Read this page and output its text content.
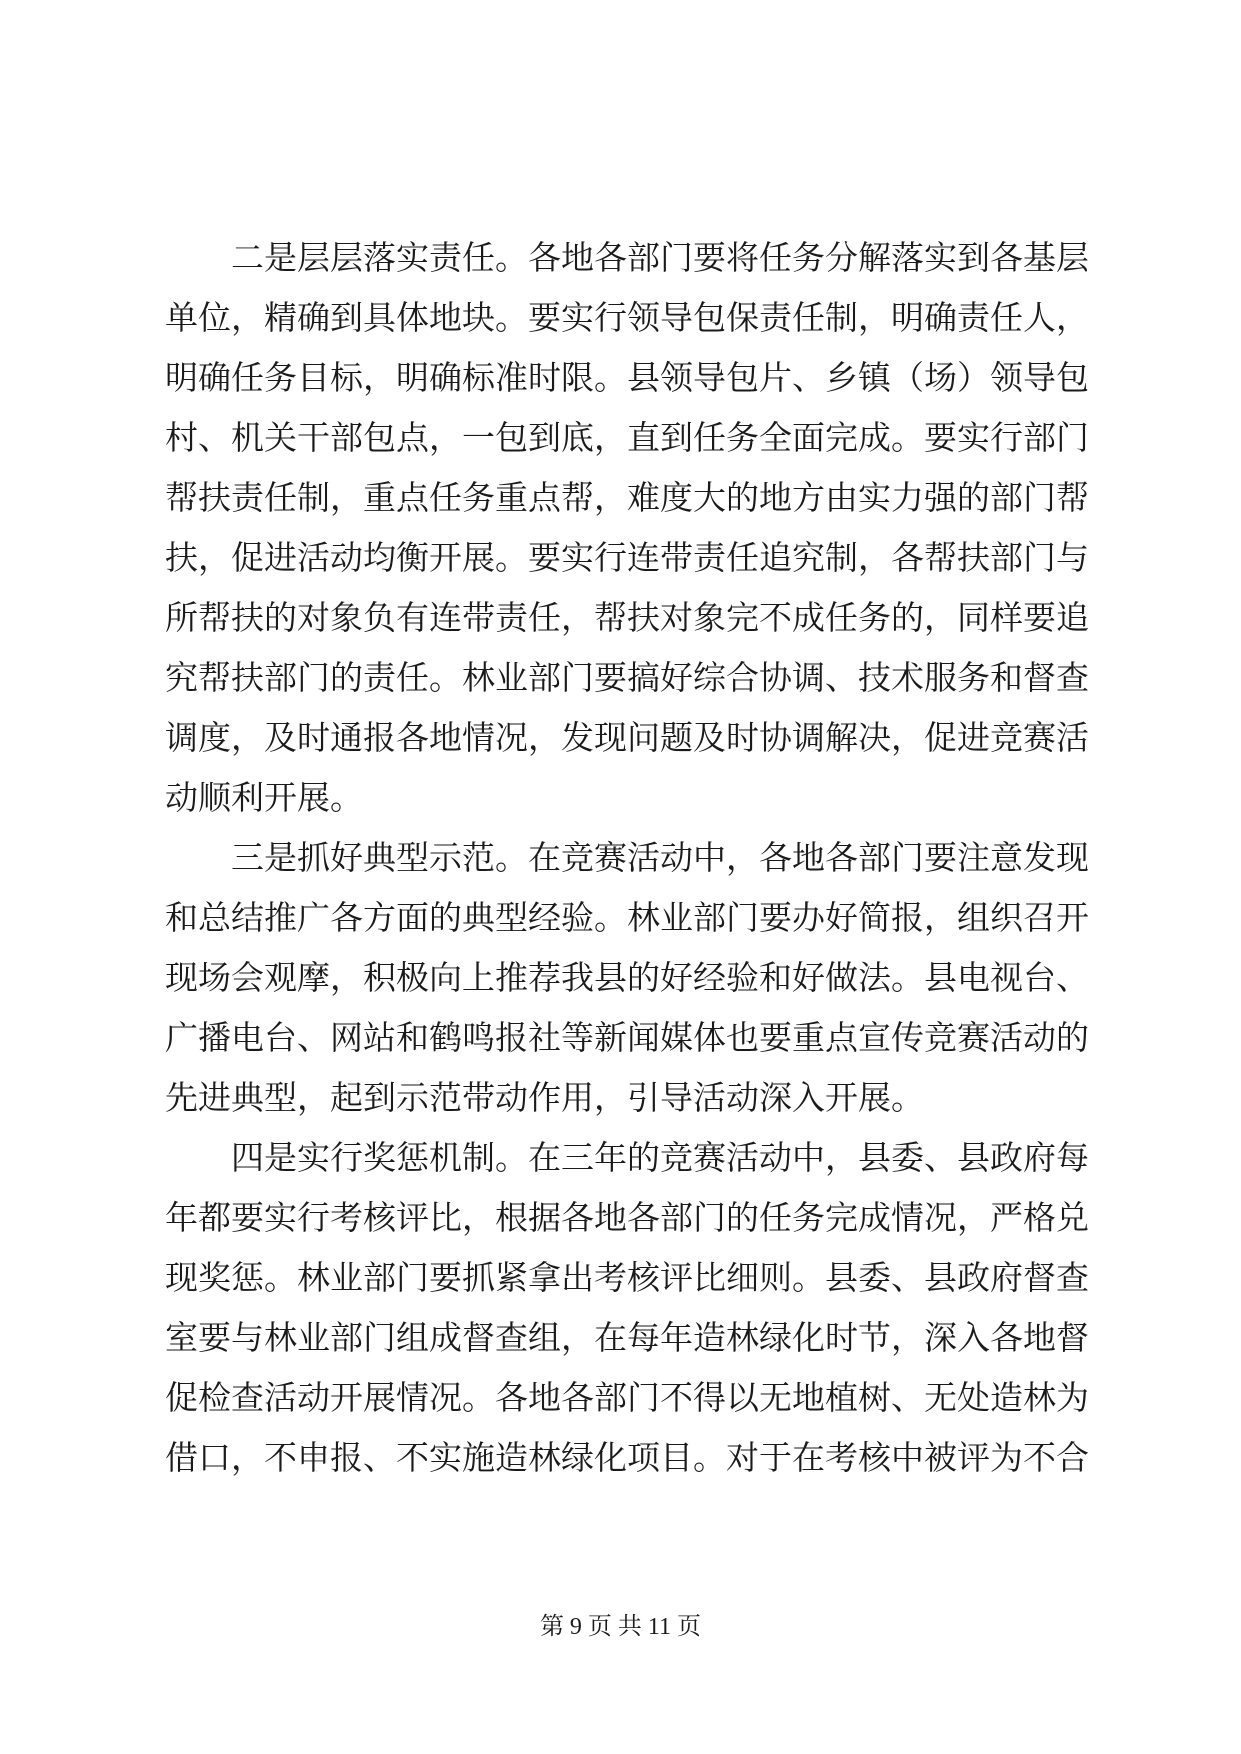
二是层层落实责任。各地各部门要将任务分解落实到各基层
单位，精确到具体地块。要实行领导包保责任制，明确责任人，
明确任务目标，明确标准时限。县领导包片、乡镇（场）领导包
村、机关干部包点，一包到底，直到任务全面完成。要实行部门
帮扶责任制，重点任务重点帮，难度大的地方由实力强的部门帮
扶，促进活动均衡开展。要实行连带责任追究制，各帮扶部门与
所帮扶的对象负有连带责任，帮扶对象完不成任务的，同样要追
究帮扶部门的责任。林业部门要搞好综合协调、技术服务和督查
调度，及时通报各地情况，发现问题及时协调解决，促进竞赛活
动顺利开展。
三是抓好典型示范。在竞赛活动中，各地各部门要注意发现
和总结推广各方面的典型经验。林业部门要办好简报，组织召开
现场会观摩，积极向上推荐我县的好经验和好做法。县电视台、
广播电台、网站和鹤鸣报社等新闻媒体也要重点宣传竞赛活动的
先进典型，起到示范带动作用，引导活动深入开展。
四是实行奖惩机制。在三年的竞赛活动中，县委、县政府每
年都要实行考核评比，根据各地各部门的任务完成情况，严格兑
现奖惩。林业部门要抓紧拿出考核评比细则。县委、县政府督查
室要与林业部门组成督查组，在每年造林绿化时节，深入各地督
促检查活动开展情况。各地各部门不得以无地植树、无处造林为
借口，不申报、不实施造林绿化项目。对于在考核中被评为不合
第 9 页 共 11 页
